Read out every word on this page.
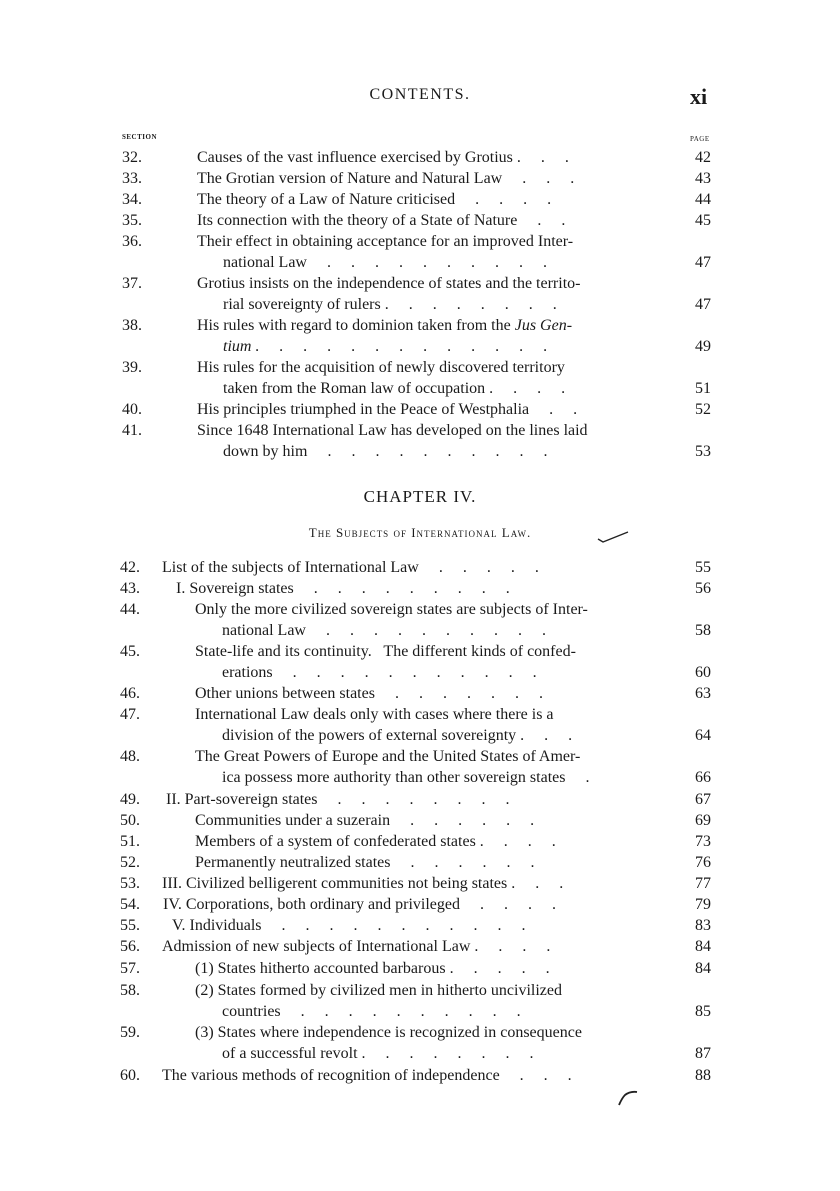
CONTENTS.	xi
SECTION	PAGE
32.	Causes of the vast influence exercised by Grotius .  .  .	42
33.	The Grotian version of Nature and Natural Law  .  .  .	43
34.	The theory of a Law of Nature criticised  .  .  .  .	44
35.	Its connection with the theory of a State of Nature  .  .	45
36.	Their effect in obtaining acceptance for an improved Inter-
national Law  .  .  .  .  .  .  .  .  .  .	47
37.	Grotius insists on the independence of states and the territo-
rial sovereignty of rulers .  .  .  .  .  .  .  .	47
38.	His rules with regard to dominion taken from the Jus Gen-
tium .  .  .  .  .  .  .  .  .  .  .  .  .	49
39.	His rules for the acquisition of newly discovered territory
taken from the Roman law of occupation .  .  .  .	51
40.	His principles triumphed in the Peace of Westphalia  .  .	52
41.	Since 1648 International Law has developed on the lines laid
down by him  .  .  .  .  .  .  .  .  .  .	53
CHAPTER IV.
The Subjects of International Law.
42. List of the subjects of International Law  .  .  .  .  .	55
43. I. Sovereign states  .  .  .  .  .  .  .  .  .	56
44.	Only the more civilized sovereign states are subjects of Inter-
national Law  .  .  .  .  .  .  .  .  .  .	58
45.	State-life and its continuity.  The different kinds of confed-
erations  .  .  .  .  .  .  .  .  .  .  .	60
46.	Other unions between states  .  .  .  .  .  .  .	63
47.	International Law deals only with cases where there is a
division of the powers of external sovereignty .  .  .	64
48.	The Great Powers of Europe and the United States of Amer-
ica possess more authority than other sovereign states  .	66
49. II. Part-sovereign states  .  .  .  .  .  .  .  .	67
50.	Communities under a suzerain  .  .  .  .  .  .	69
51.	Members of a system of confederated states .  .  .  .	73
52.	Permanently neutralized states  .  .  .  .  .  .	76
53. III. Civilized belligerent communities not being states .  .  .	77
54. IV. Corporations, both ordinary and privileged  .  .  .  .	79
55. V. Individuals  .  .  .  .  .  .  .  .  .  .  .	83
56. Admission of new subjects of International Law .  .  .  .	84
57.	(1) States hitherto accounted barbarous .  .  .  .  .	84
58.	(2) States formed by civilized men in hitherto uncivilized
countries  .  .  .  .  .  .  .  .  .  .	85
59.	(3) States where independence is recognized in consequence
of a successful revolt .  .  .  .  .  .  .  .	87
60. The various methods of recognition of independence  .  .  .	88
